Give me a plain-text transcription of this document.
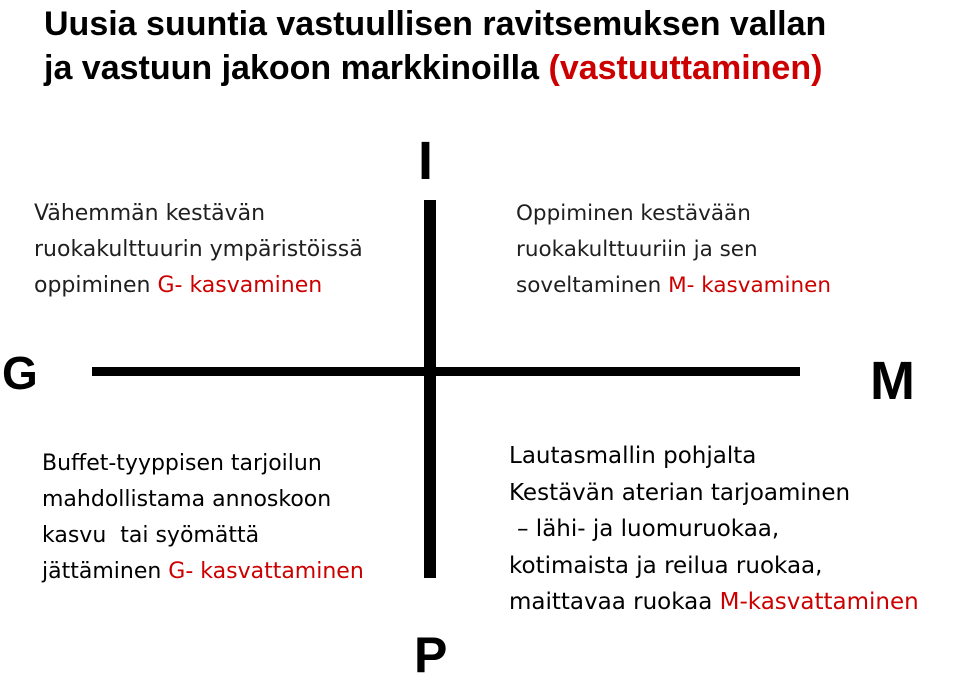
Uusia suuntia vastuullisen ravitsemuksen vallan
ja vastuun jakoon markkinoilla (vastuuttaminen)
I
P
G	M
Vähemmän kestävän
ruokakulttuurin ympäristöissä
oppiminen G- kasvaminen
Oppiminen kestävään
ruokakulttuuriin ja sen
soveltaminen M- kasvaminen
Buffet-tyyppisen tarjoilun
mahdollistama annoskoon
kasvu  tai syömättä
jättäminen G- kasvattaminen
Lautasmallin pohjalta
Kestävän aterian tarjoaminen
– lähi- ja luomuruokaa,
kotimaista ja reilua ruokaa,
maittavaa ruokaa M-kasvattaminen
